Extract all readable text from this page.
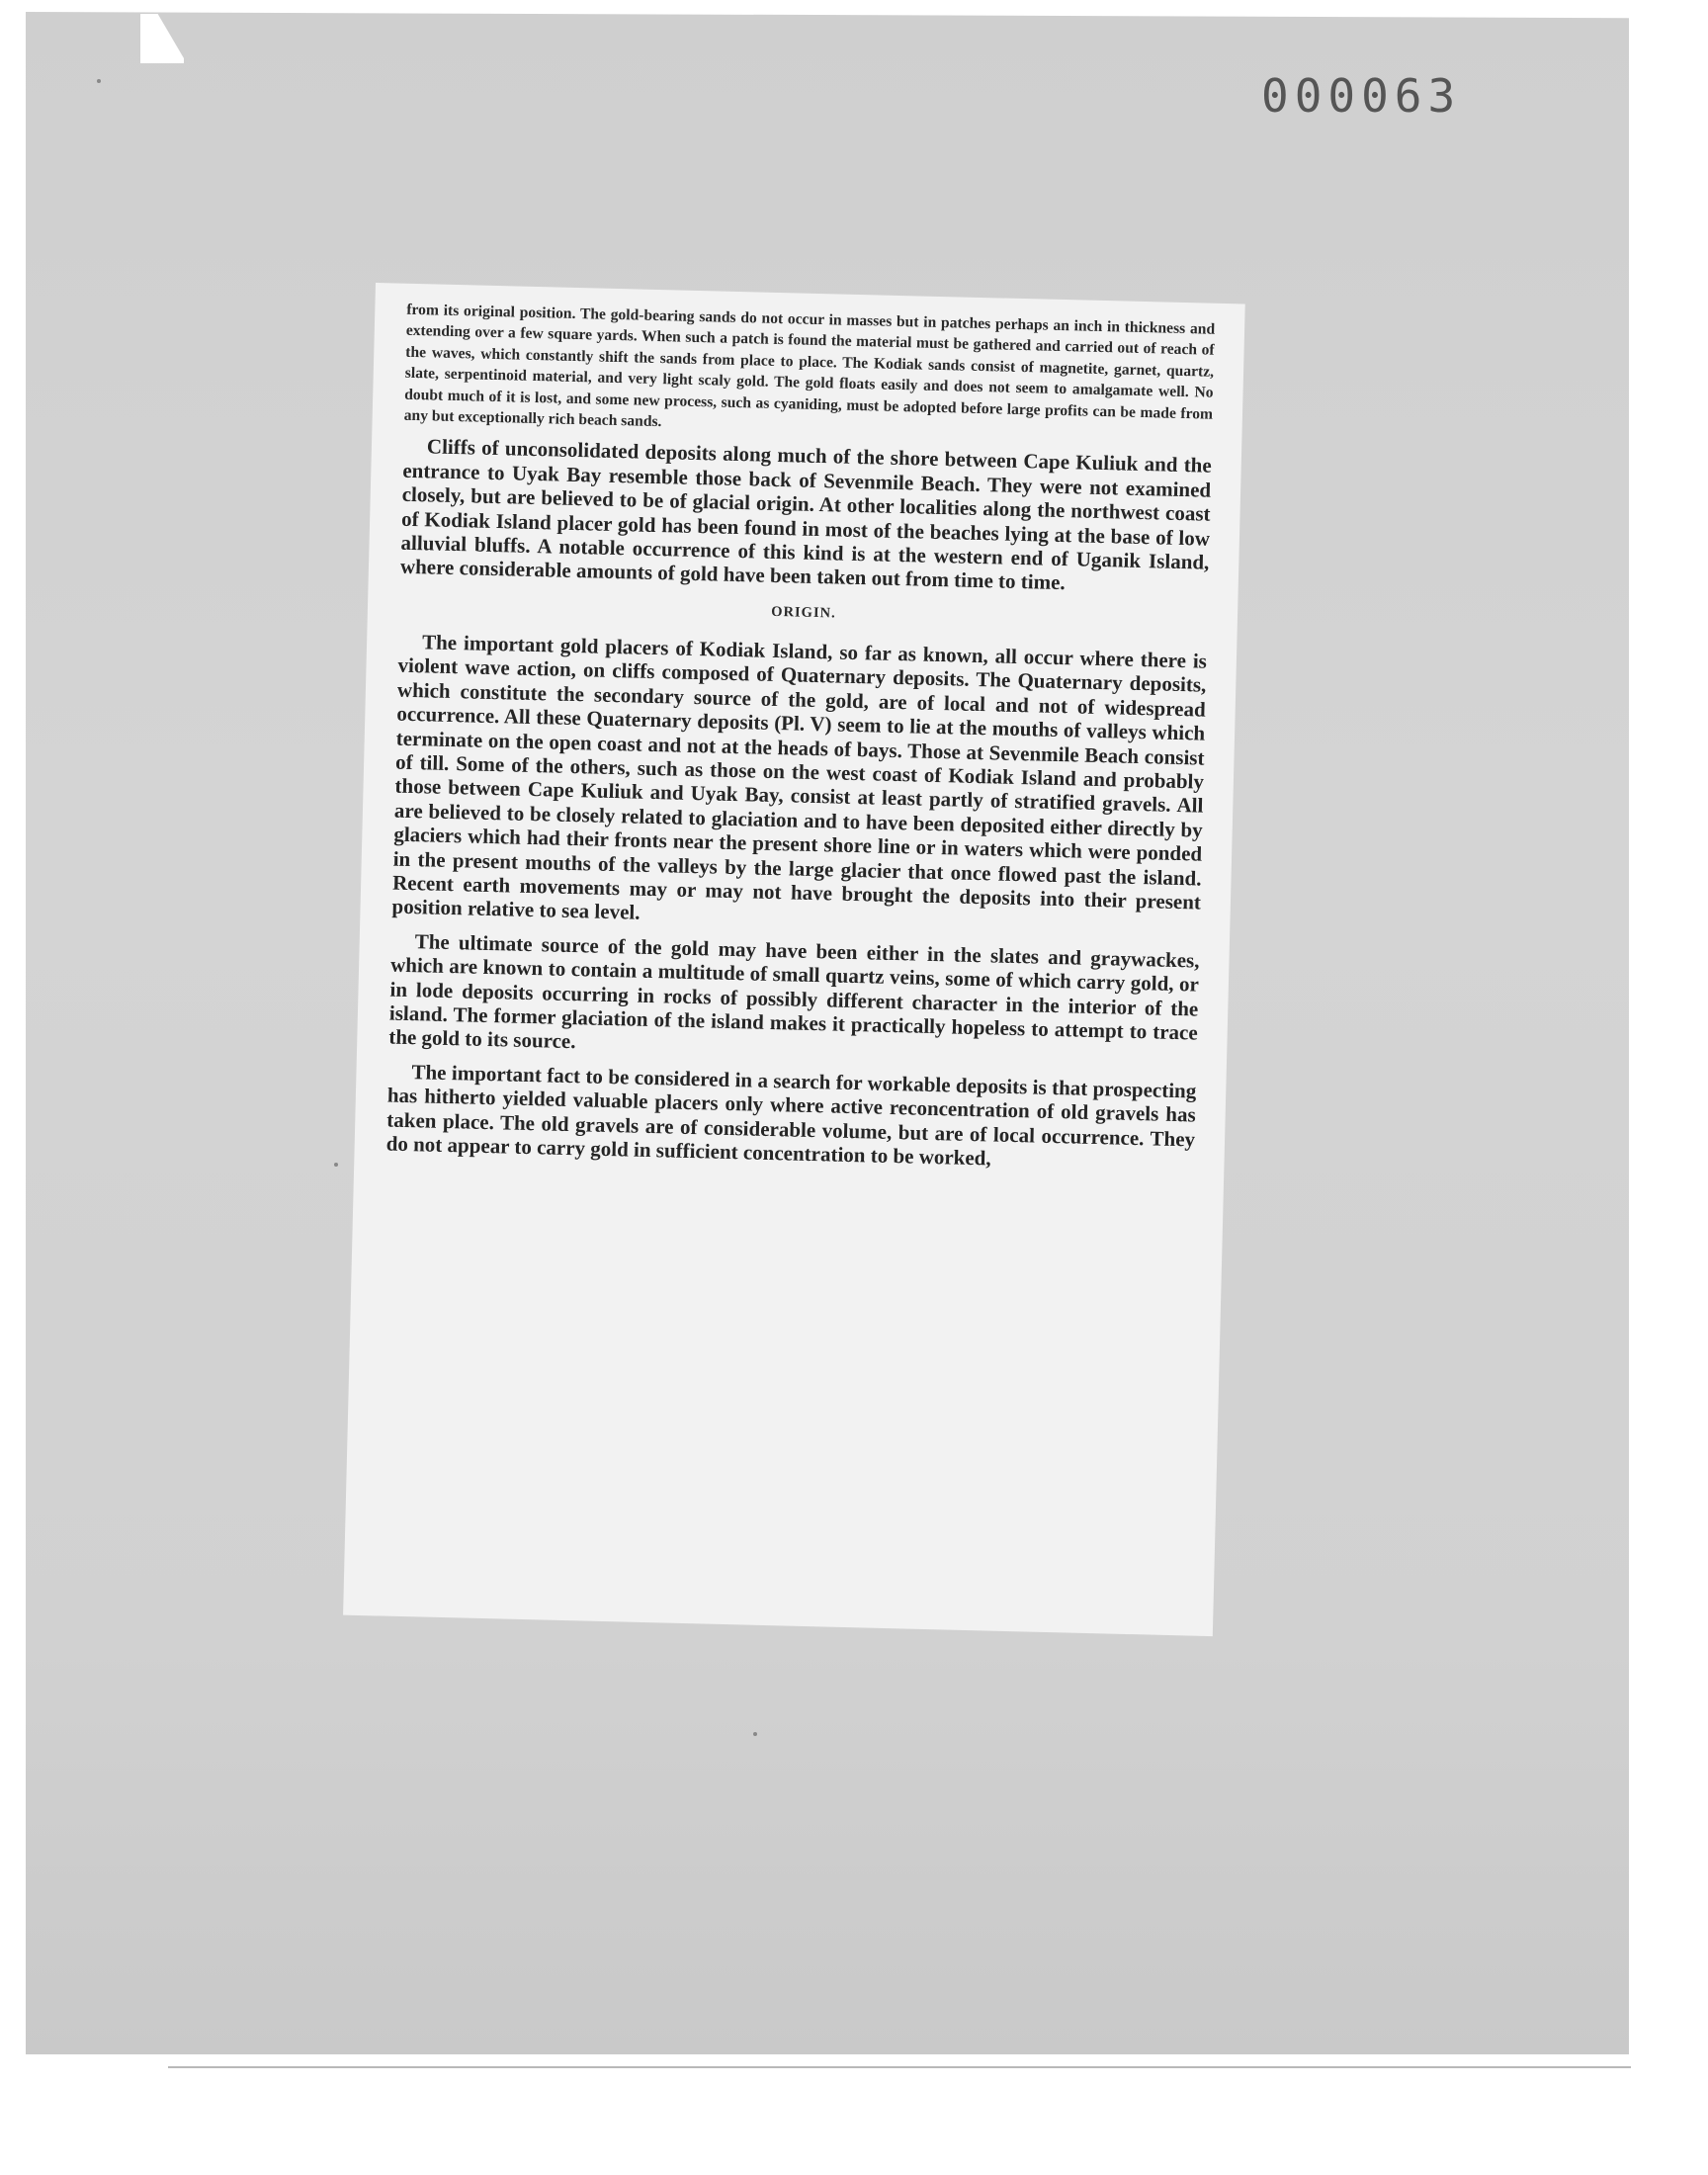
000063

from its original position. The gold-bearing sands do not occur in masses but in patches perhaps an inch in thickness and extending over a few square yards. When such a patch is found the material must be gathered and carried out of reach of the waves, which constantly shift the sands from place to place. The Kodiak sands consist of magnetite, garnet, quartz, slate, serpentinoid material, and very light scaly gold. The gold floats easily and does not seem to amalgamate well. No doubt much of it is lost, and some new process, such as cyaniding, must be adopted before large profits can be made from any but exceptionally rich beach sands.

Cliffs of unconsolidated deposits along much of the shore between Cape Kuliuk and the entrance to Uyak Bay resemble those back of Sevenmile Beach. They were not examined closely, but are believed to be of glacial origin. At other localities along the northwest coast of Kodiak Island placer gold has been found in most of the beaches lying at the base of low alluvial bluffs. A notable occurrence of this kind is at the western end of Uganik Island, where considerable amounts of gold have been taken out from time to time.

ORIGIN.

The important gold placers of Kodiak Island, so far as known, all occur where there is violent wave action, on cliffs composed of Quaternary deposits. The Quaternary deposits, which constitute the secondary source of the gold, are of local and not of widespread occurrence. All these Quaternary deposits (Pl. V) seem to lie at the mouths of valleys which terminate on the open coast and not at the heads of bays. Those at Sevenmile Beach consist of till. Some of the others, such as those on the west coast of Kodiak Island and probably those between Cape Kuliuk and Uyak Bay, consist at least partly of stratified gravels. All are believed to be closely related to glaciation and to have been deposited either directly by glaciers which had their fronts near the present shore line or in waters which were ponded in the present mouths of the valleys by the large glacier that once flowed past the island. Recent earth movements may or may not have brought the deposits into their present position relative to sea level.

The ultimate source of the gold may have been either in the slates and graywackes, which are known to contain a multitude of small quartz veins, some of which carry gold, or in lode deposits occurring in rocks of possibly different character in the interior of the island. The former glaciation of the island makes it practically hopeless to attempt to trace the gold to its source.

The important fact to be considered in a search for workable deposits is that prospecting has hitherto yielded valuable placers only where active reconcentration of old gravels has taken place. The old gravels are of considerable volume, but are of local occurrence. They do not appear to carry gold in sufficient concentration to be worked,
